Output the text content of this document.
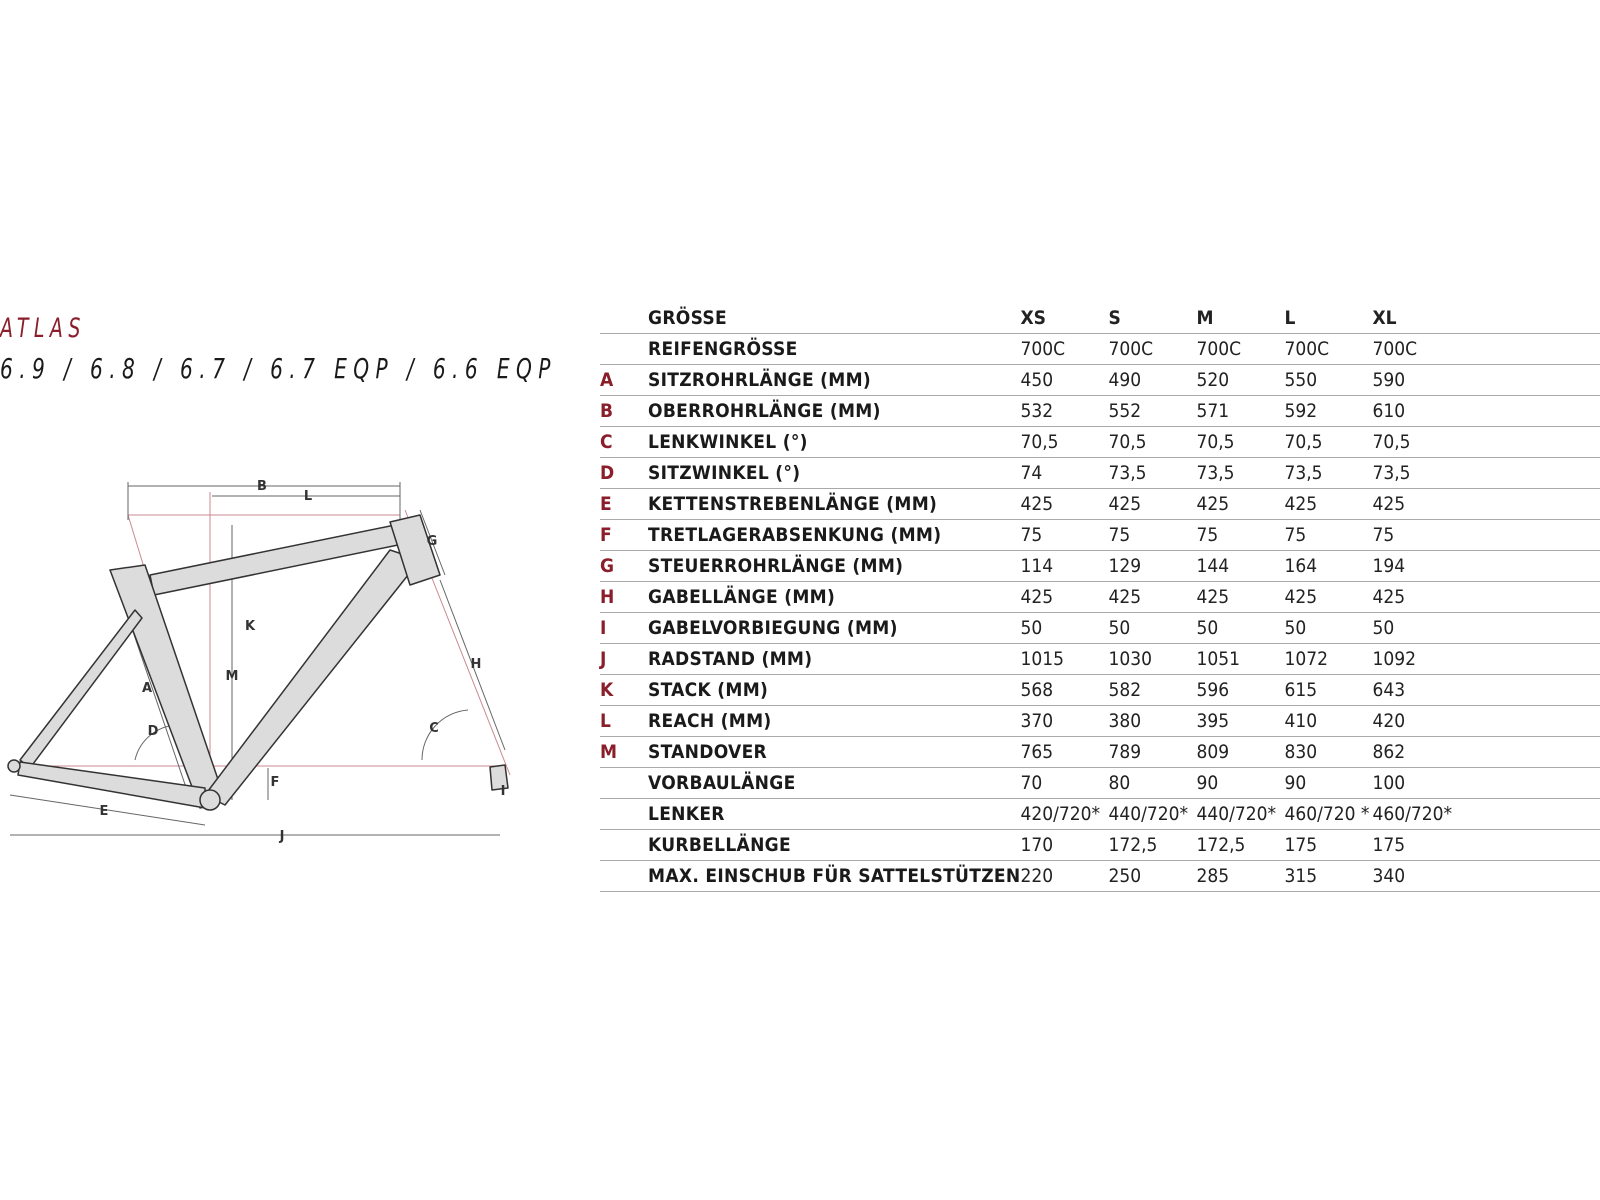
ATLAS
6.9 / 6.8 / 6.7 / 6.7 EQP / 6.6 EQP
B
L
K
M
A
D
G
H
C
F
I
E
J
	GRÖSSE	XS	S	M	L	XL	
	REIFENGRÖSSE	700C	700C	700C	700C	700C	
A	SITZROHRLÄNGE (MM)	450	490	520	550	590	
B	OBERROHRLÄNGE (MM)	532	552	571	592	610	
C	LENKWINKEL (°)	70,5	70,5	70,5	70,5	70,5	
D	SITZWINKEL (°)	74	73,5	73,5	73,5	73,5	
E	KETTENSTREBENLÄNGE (MM)	425	425	425	425	425	
F	TRETLAGERABSENKUNG (MM)	75	75	75	75	75	
G	STEUERROHRLÄNGE (MM)	114	129	144	164	194	
H	GABELLÄNGE (MM)	425	425	425	425	425	
I	GABELVORBIEGUNG (MM)	50	50	50	50	50	
J	RADSTAND (MM)	1015	1030	1051	1072	1092	
K	STACK (MM)	568	582	596	615	643	
L	REACH (MM)	370	380	395	410	420	
M	STANDOVER	765	789	809	830	862	
	VORBAULÄNGE	70	80	90	90	100	
	LENKER	420/720*	440/720*	440/720*	460/720 *	460/720*	
	KURBELLÄNGE	170	172,5	172,5	175	175	
	MAX. EINSCHUB FÜR SATTELSTÜTZEN	220	250	285	315	340	
